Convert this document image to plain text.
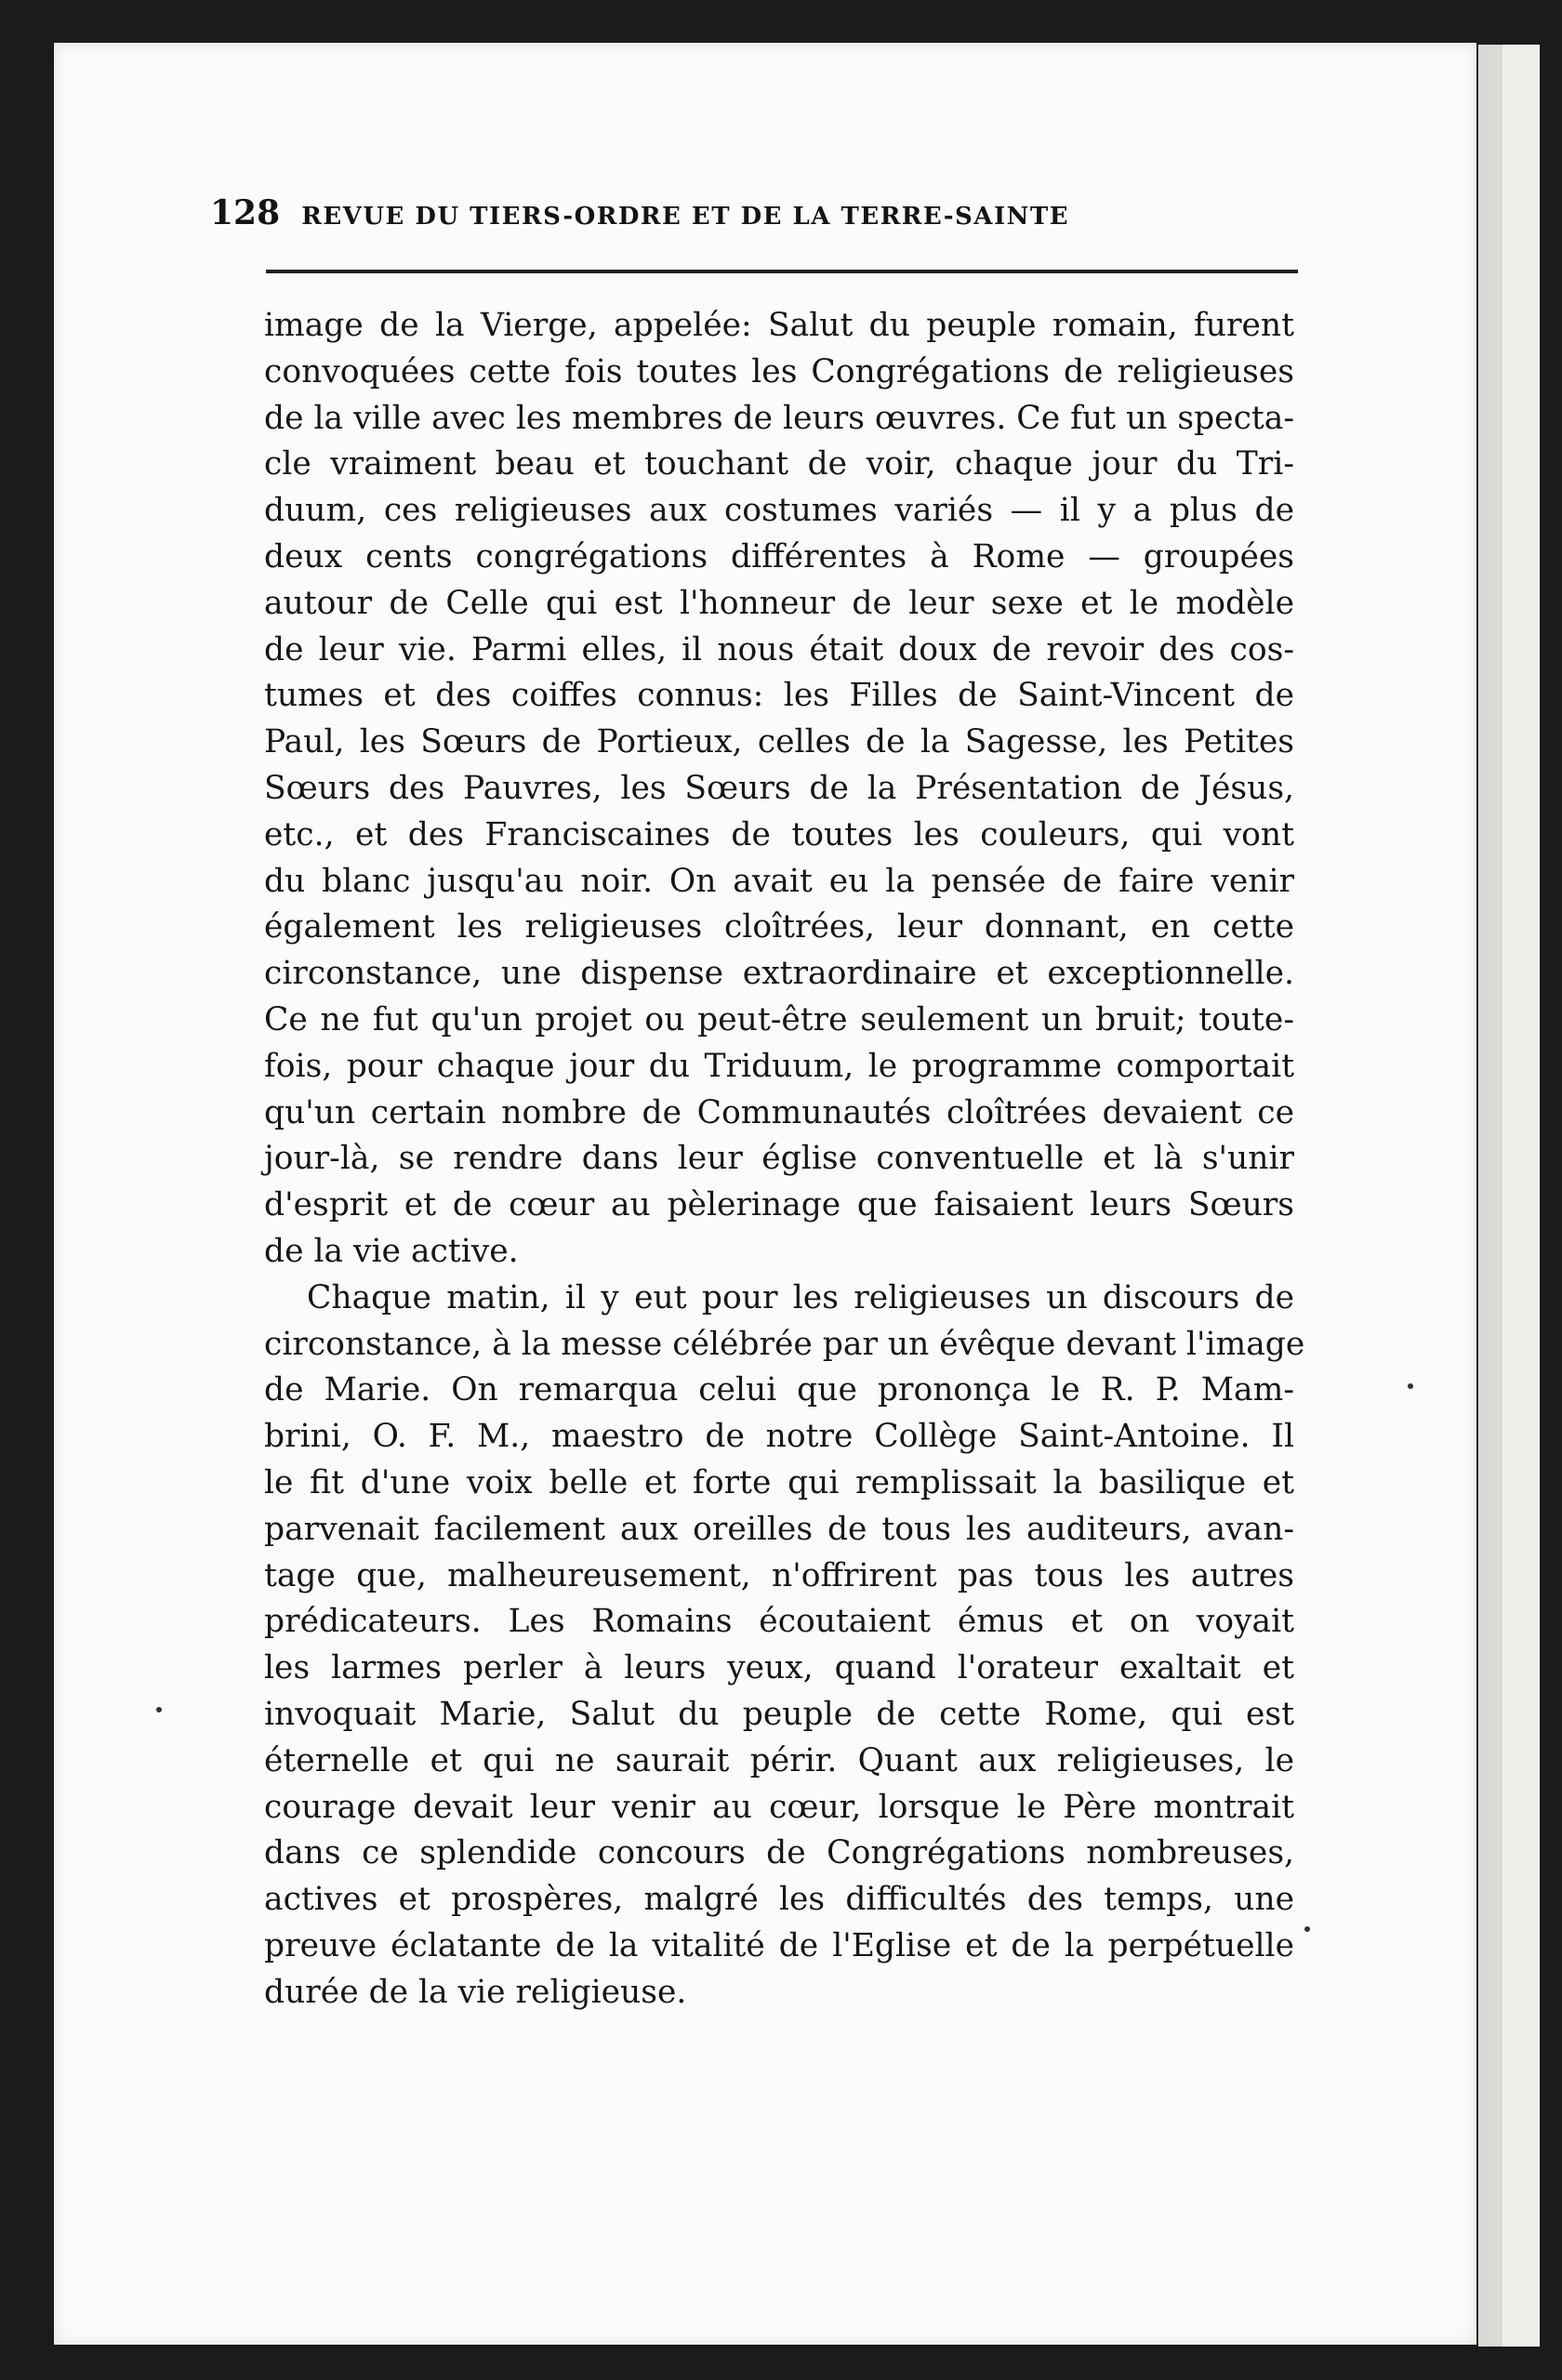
128 REVUE DU TIERS-ORDRE ET DE LA TERRE-SAINTE
image de la Vierge, appelée: Salut du peuple romain, furent
convoquées cette fois toutes les Congrégations de religieuses
de la ville avec les membres de leurs œuvres. Ce fut un specta-
cle vraiment beau et touchant de voir, chaque jour du Tri-
duum, ces religieuses aux costumes variés — il y a plus de
deux cents congrégations différentes à Rome — groupées
autour de Celle qui est l'honneur de leur sexe et le modèle
de leur vie. Parmi elles, il nous était doux de revoir des cos-
tumes et des coiffes connus: les Filles de Saint-Vincent de
Paul, les Sœurs de Portieux, celles de la Sagesse, les Petites
Sœurs des Pauvres, les Sœurs de la Présentation de Jésus,
etc., et des Franciscaines de toutes les couleurs, qui vont
du blanc jusqu'au noir. On avait eu la pensée de faire venir
également les religieuses cloîtrées, leur donnant, en cette
circonstance, une dispense extraordinaire et exceptionnelle.
Ce ne fut qu'un projet ou peut-être seulement un bruit; toute-
fois, pour chaque jour du Triduum, le programme comportait
qu'un certain nombre de Communautés cloîtrées devaient ce
jour-là, se rendre dans leur église conventuelle et là s'unir
d'esprit et de cœur au pèlerinage que faisaient leurs Sœurs
de la vie active.
Chaque matin, il y eut pour les religieuses un discours de
circonstance, à la messe célébrée par un évêque devant l'image
de Marie. On remarqua celui que prononça le R. P. Mam-
brini, O. F. M., maestro de notre Collège Saint-Antoine. Il
le fit d'une voix belle et forte qui remplissait la basilique et
parvenait facilement aux oreilles de tous les auditeurs, avan-
tage que, malheureusement, n'offrirent pas tous les autres
prédicateurs. Les Romains écoutaient émus et on voyait
les larmes perler à leurs yeux, quand l'orateur exaltait et
invoquait Marie, Salut du peuple de cette Rome, qui est
éternelle et qui ne saurait périr. Quant aux religieuses, le
courage devait leur venir au cœur, lorsque le Père montrait
dans ce splendide concours de Congrégations nombreuses,
actives et prospères, malgré les difficultés des temps, une
preuve éclatante de la vitalité de l'Eglise et de la perpétuelle
durée de la vie religieuse.
